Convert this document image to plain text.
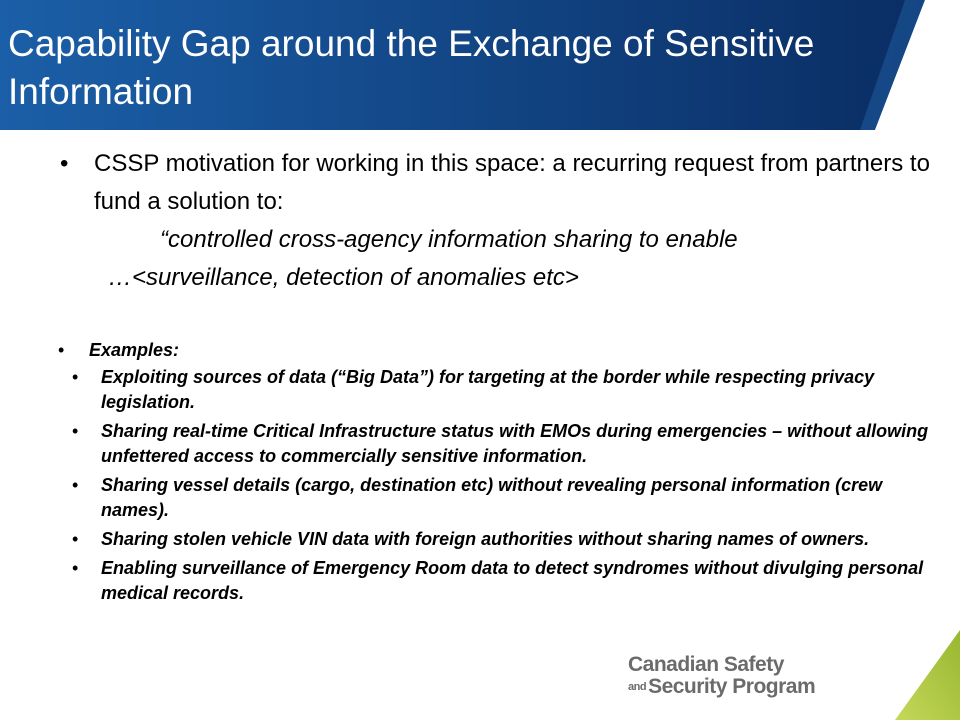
Capability Gap around the Exchange of Sensitive Information
• CSSP motivation for working in this space: a recurring request from partners to fund a solution to:
“controlled cross-agency information sharing to enable
…<surveillance, detection of anomalies etc>
• Examples:
• Exploiting sources of data (“Big Data”) for targeting at the border while respecting privacy legislation.
• Sharing real-time Critical Infrastructure status with EMOs during emergencies – without allowing unfettered access to commercially sensitive information.
• Sharing vessel details (cargo, destination etc) without revealing personal information (crew names).
• Sharing stolen vehicle VIN data with foreign authorities without sharing names of owners.
• Enabling surveillance of Emergency Room data to detect syndromes without divulging personal medical records.
Canadian Safety
andSecurity Program
